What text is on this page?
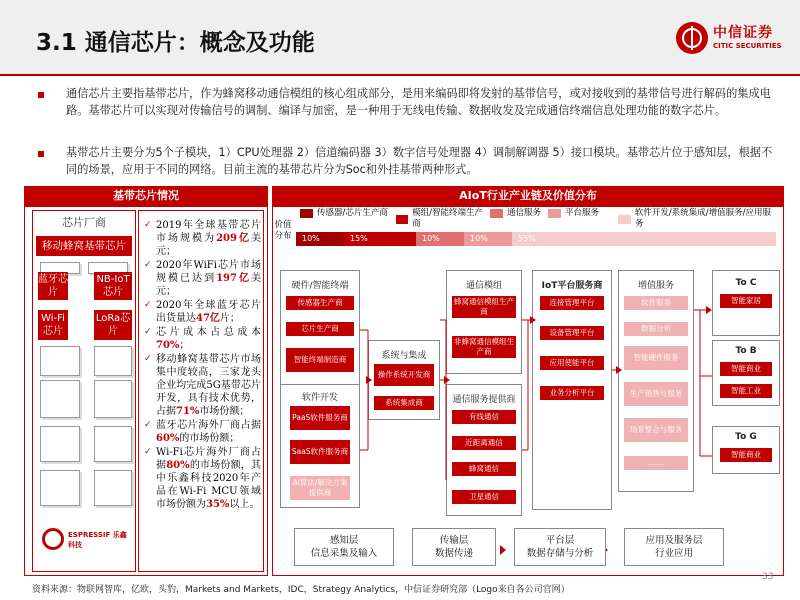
3.1 通信芯片：概念及功能	中信证券
CITIC SECURITIES
通信芯片主要指基带芯片，作为蜂窝移动通信模组的核心组成部分，是用来编码即将发射的基带信号，或对接收到的基带信号进行解码的集成电路。基带芯片可以实现对传输信号的调制、编译与加密，是一种用于无线电传输、数据收发及完成通信终端信息处理功能的数字芯片。
基带芯片主要分为5个子模块，1）CPU处理器 2）信道编码器 3）数字信号处理器 4）调制解调器 5）接口模块。基带芯片位于感知层，根据不同的场景，应用于不同的网络。目前主流的基带芯片分为Soc和外挂基带两种形式。
基带芯片情况
芯片厂商
移动蜂窝基带芯片
蓝牙芯片
NB-IoT芯片
Wi-Fi芯片
LoRa芯片
ESPRESSIF 乐鑫科技
✓ 2019年全球基带芯片市场规模为209亿美元；
✓ 2020年WiFi芯片市场规模已达到197亿美元；
✓ 2020年全球蓝牙芯片出货量达47亿片；
✓ 芯片成本占总成本70%；
✓ 移动蜂窝基带芯片市场集中度较高，三家龙头企业均完成5G基带芯片开发，具有技术优势，占据71%市场份额；
✓ 蓝牙芯片海外厂商占据60%的市场份额；
✓ Wi-Fi芯片海外厂商占据80%的市场份额，其中乐鑫科技2020年产品在Wi-Fi MCU领域市场份额为35%以上。
AIoT行业产业链及价值分布
传感器/芯片生产商	模组/智能终端生产商
通信服务	平台服务	软件开发/系统集成/增值服务/应用服务
价值分布	10%	15%	10%	10%	55%
硬件/智能终端
传感器生产商
芯片生产商
智能终端制造商
软件开发
PaaS软件服务商
SaaS软件服务商
AI算法/解决方案提供商
系统与集成
操作系统开发商
系统集成商
通信模组
蜂窝通信模组生产商
非蜂窝通信模组生产商
通信服务提供商
有线通信
近距离通信
蜂窝通信
卫星通信
IoT平台服务商
连接管理平台
设备管理平台
应用使能平台
业务分析平台
增值服务
软件服务
数据分析
智能硬件服务
生产销售与服务
场景整合与服务
……
To C
智能家居
To B
智能商业
智能工业
To G
智能商业
感知层
信息采集及输入
传输层
数据传递
平台层
数据存储与分析
应用及服务层
行业应用
资料来源：物联网智库，亿欧，头豹，Markets and Markets，IDC，Strategy Analytics，中信证券研究部（Logo来自各公司官网）
33
